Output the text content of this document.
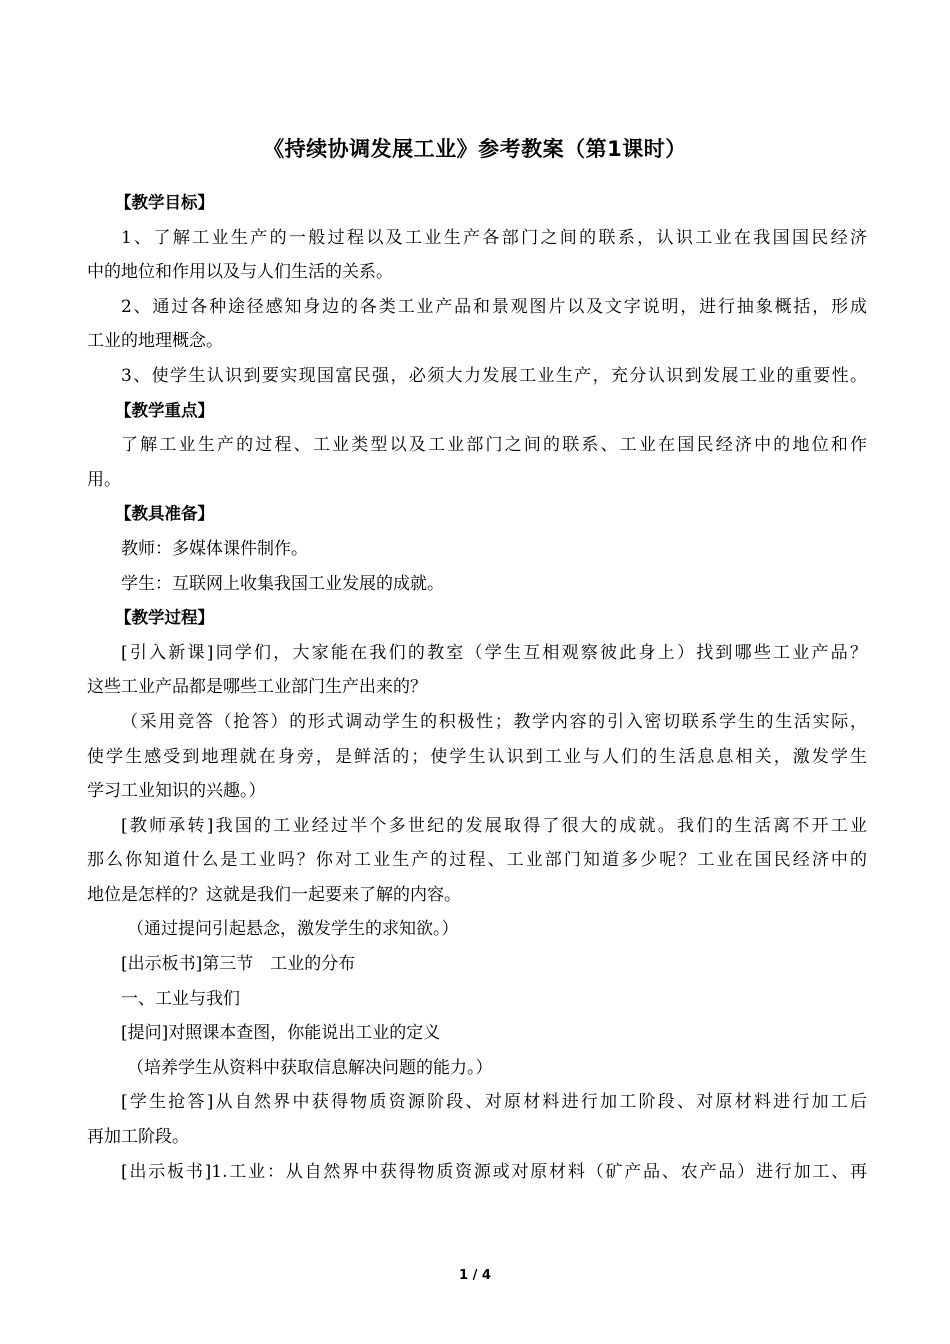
《持续协调发展工业》参考教案（第1课时）
【教学目标】
1、了解工业生产的一般过程以及工业生产各部门之间的联系，认识工业在我国国民经济
中的地位和作用以及与人们生活的关系。
2、通过各种途径感知身边的各类工业产品和景观图片以及文字说明，进行抽象概括，形成
工业的地理概念。
3、使学生认识到要实现国富民强，必须大力发展工业生产，充分认识到发展工业的重要性。
【教学重点】
了解工业生产的过程、工业类型以及工业部门之间的联系、工业在国民经济中的地位和作
用。
【教具准备】
教师：多媒体课件制作。
学生：互联网上收集我国工业发展的成就。
【教学过程】
[引入新课]同学们，大家能在我们的教室（学生互相观察彼此身上）找到哪些工业产品？
这些工业产品都是哪些工业部门生产出来的？
（采用竞答（抢答）的形式调动学生的积极性；教学内容的引入密切联系学生的生活实际，
使学生感受到地理就在身旁，是鲜活的；使学生认识到工业与人们的生活息息相关，激发学生
学习工业知识的兴趣。）
[教师承转]我国的工业经过半个多世纪的发展取得了很大的成就。我们的生活离不开工业
那么你知道什么是工业吗？你对工业生产的过程、工业部门知道多少呢？工业在国民经济中的
地位是怎样的？这就是我们一起要来了解的内容。
（通过提问引起悬念，激发学生的求知欲。）
[出示板书]第三节　工业的分布
一、工业与我们
[提问]对照课本查图，你能说出工业的定义
（培养学生从资料中获取信息解决问题的能力。）
[学生抢答]从自然界中获得物质资源阶段、对原材料进行加工阶段、对原材料进行加工后
再加工阶段。
[出示板书]1.工业：从自然界中获得物质资源或对原材料（矿产品、农产品）进行加工、再
1 / 4
